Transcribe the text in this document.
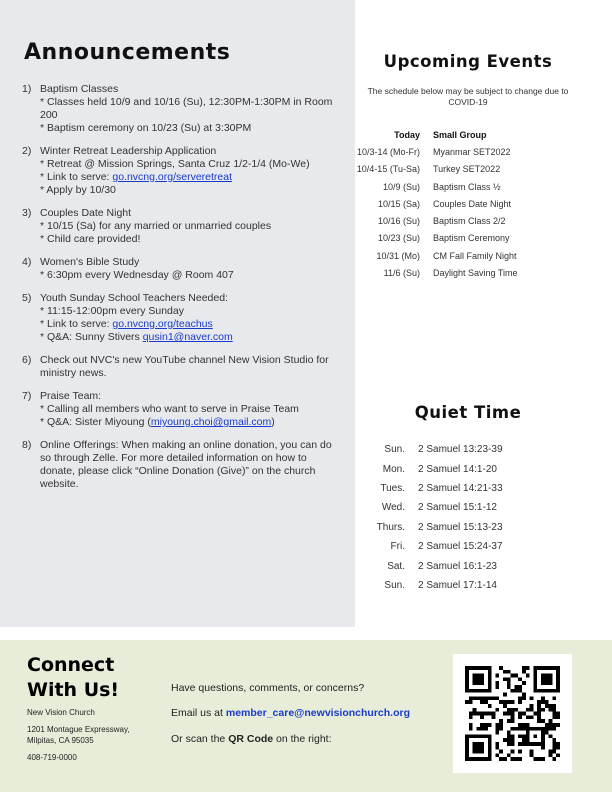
Announcements
1) Baptism Classes
* Classes held 10/9 and 10/16 (Su), 12:30PM-1:30PM in Room 200
* Baptism ceremony on 10/23 (Su) at 3:30PM
2) Winter Retreat Leadership Application
* Retreat @ Mission Springs, Santa Cruz 1/2-1/4 (Mo-We)
* Link to serve: go.nvcng.org/serveretreat
* Apply by 10/30
3) Couples Date Night
* 10/15 (Sa) for any married or unmarried couples
* Child care provided!
4) Women's Bible Study
* 6:30pm every Wednesday @ Room 407
5) Youth Sunday School Teachers Needed:
* 11:15-12:00pm every Sunday
* Link to serve: go.nvcng.org/teachus
* Q&A: Sunny Stivers qusin1@naver.com
6) Check out NVC's new YouTube channel New Vision Studio for ministry news.
7) Praise Team:
* Calling all members who want to serve in Praise Team
* Q&A: Sister Miyoung (miyoung.choi@gmail.com)
8) Online Offerings: When making an online donation, you can do so through Zelle. For more detailed information on how to donate, please click “Online Donation (Give)” on the church website.
Upcoming Events
The schedule below may be subject to change due to COVID-19
Today	Small Group
10/3-14 (Mo-Fr)	Myanmar SET2022
10/4-15 (Tu-Sa)	Turkey SET2022
10/9 (Su)	Baptism Class ½
10/15 (Sa)	Couples Date Night
10/16 (Su)	Baptism Class 2/2
10/23 (Su)	Baptism Ceremony
10/31 (Mo)	CM Fall Family Night
11/6 (Su)	Daylight Saving Time
Quiet Time
Sun.	2 Samuel 13:23-39
Mon.	2 Samuel 14:1-20
Tues.	2 Samuel 14:21-33
Wed.	2 Samuel 15:1-12
Thurs.	2 Samuel 15:13-23
Fri.	2 Samuel 15:24-37
Sat.	2 Samuel 16:1-23
Sun.	2 Samuel 17:1-14
Connect
With Us!
New Vision Church
1201 Montague Expressway,
Milpitas, CA 95035
408-719-0000
Have questions, comments, or concerns?
Email us at member_care@newvisionchurch.org
Or scan the QR Code on the right:
